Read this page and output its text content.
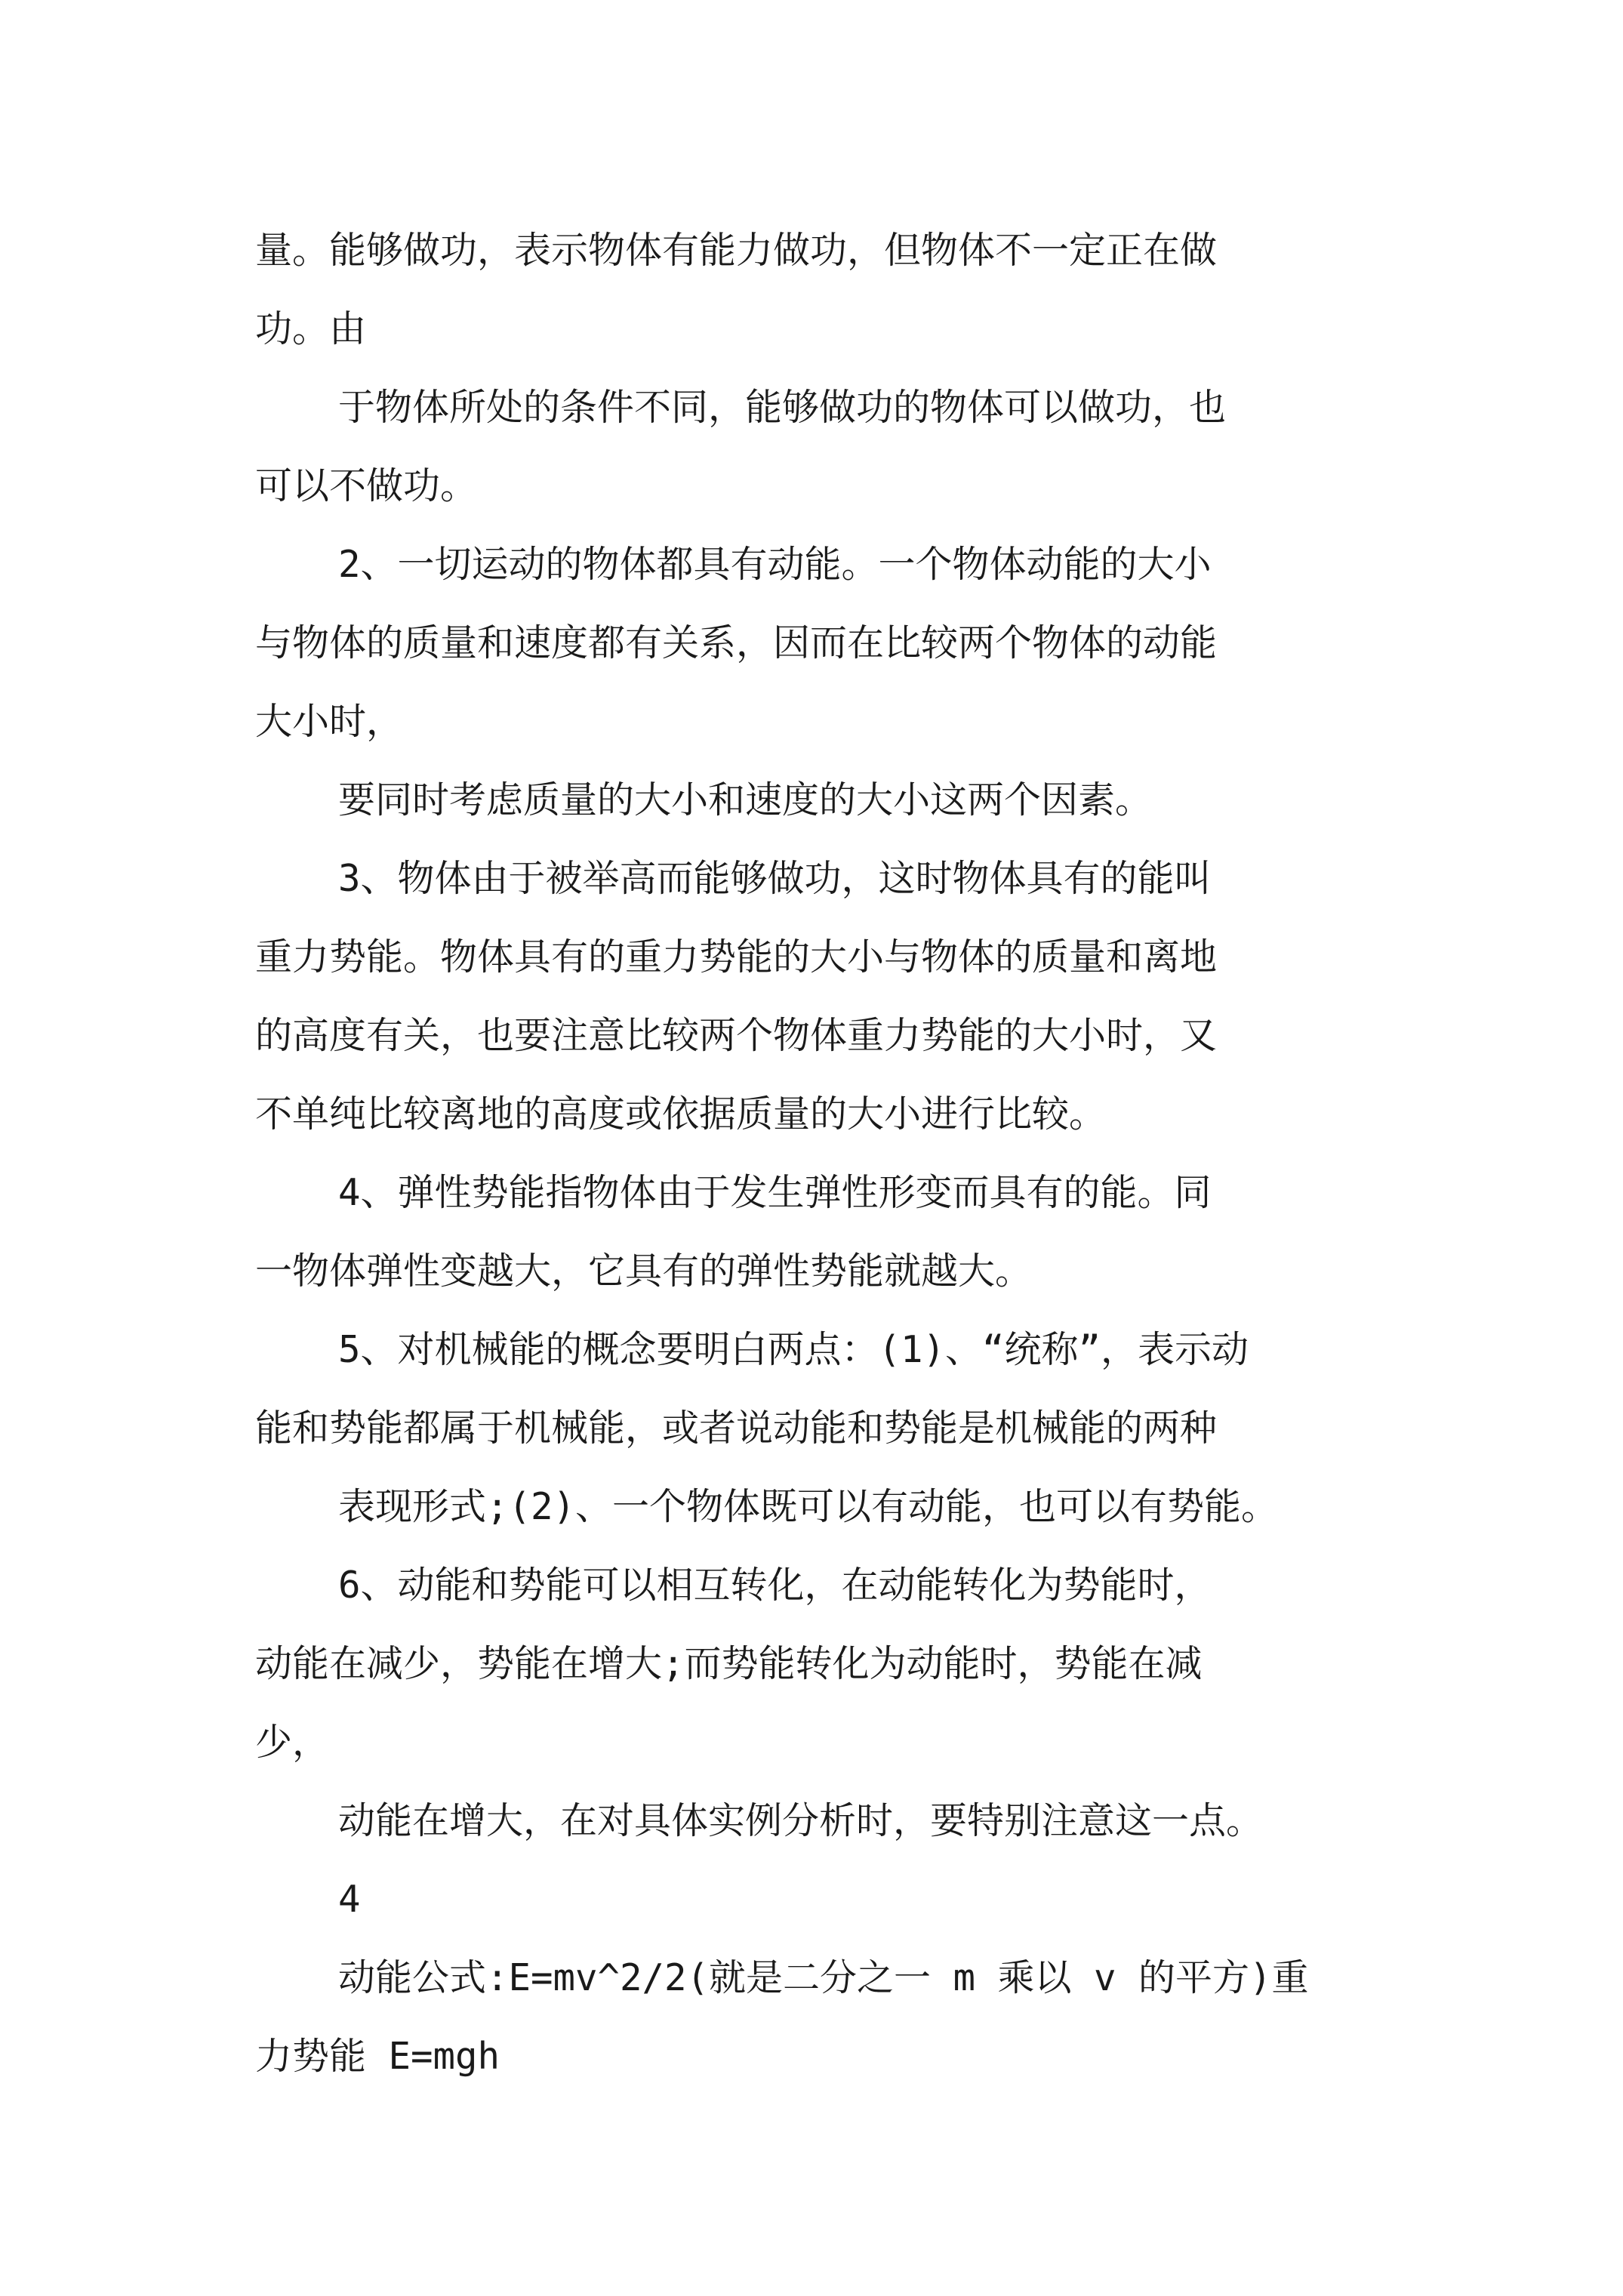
量。能够做功，表示物体有能力做功，但物体不一定正在做
功。由
于物体所处的条件不同，能够做功的物体可以做功，也
可以不做功。
2、一切运动的物体都具有动能。一个物体动能的大小
与物体的质量和速度都有关系，因而在比较两个物体的动能
大小时，
要同时考虑质量的大小和速度的大小这两个因素。
3、物体由于被举高而能够做功，这时物体具有的能叫
重力势能。物体具有的重力势能的大小与物体的质量和离地
的高度有关，也要注意比较两个物体重力势能的大小时，又
不单纯比较离地的高度或依据质量的大小进行比较。
4、弹性势能指物体由于发生弹性形变而具有的能。同
一物体弹性变越大，它具有的弹性势能就越大。
5、对机械能的概念要明白两点：(1)、“统称”，表示动
能和势能都属于机械能，或者说动能和势能是机械能的两种
表现形式;(2)、一个物体既可以有动能，也可以有势能。
6、动能和势能可以相互转化，在动能转化为势能时，
动能在减少，势能在增大;而势能转化为动能时，势能在减
少，
动能在增大，在对具体实例分析时，要特别注意这一点。
4
动能公式:E=mv^2/2(就是二分之一 m 乘以 v 的平方)重
力势能 E=mgh
